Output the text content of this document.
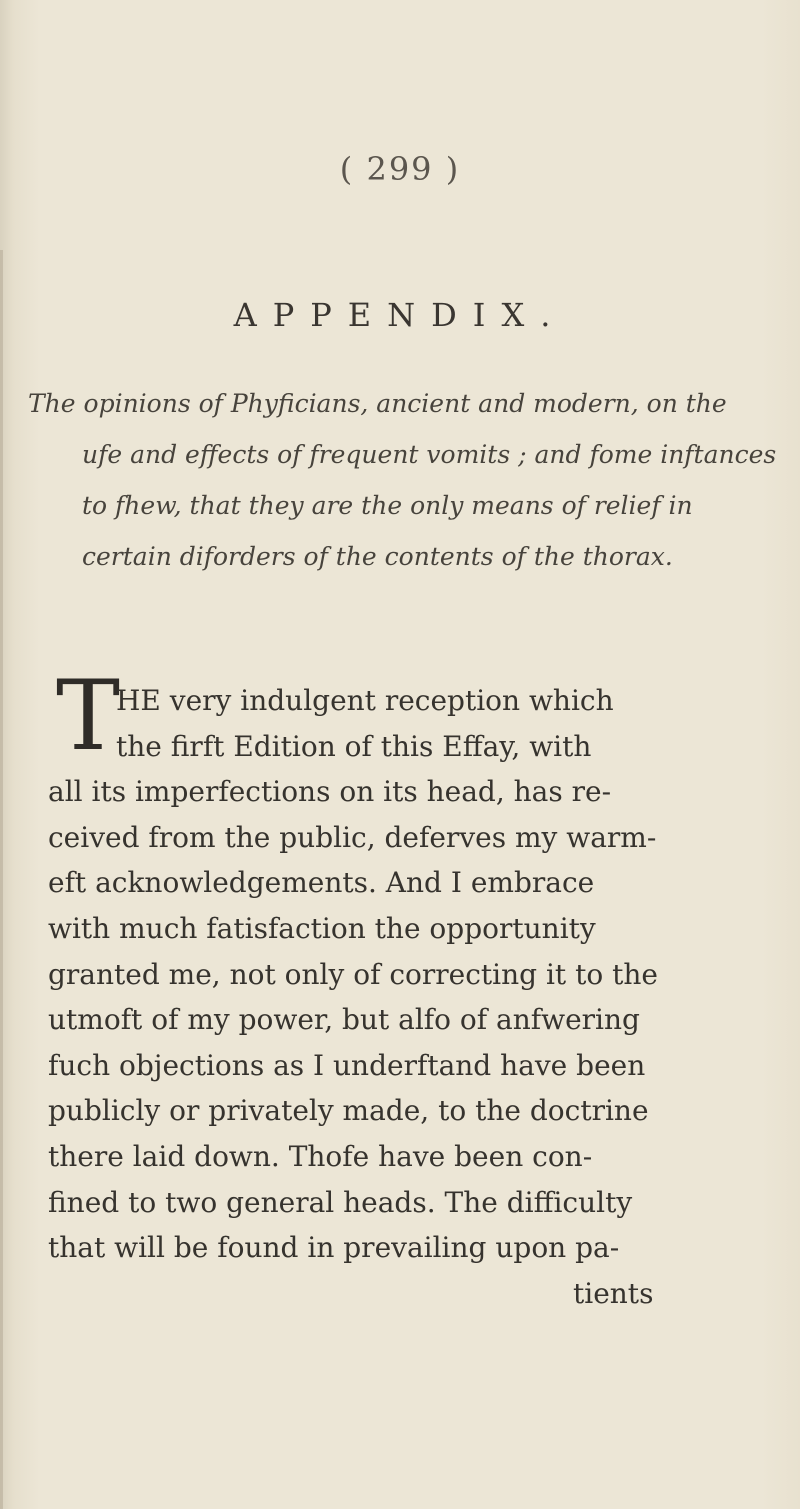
( 299 )
APPENDIX.
The opinions of Phyficians, ancient and modern, on the
ufe and effects of frequent vomits ; and fome inftances
to fhew, that they are the only means of relief in
certain diforders of the contents of the thorax.
T
HE very indulgent reception which
the firft Edition of this Effay, with
all its imperfections on its head, has re-
ceived from the public, deferves my warm-
eft acknowledgements. And I embrace
with much fatisfaction the opportunity
granted me, not only of correcting it to the
utmoft of my power, but alfo of anfwering
fuch objections as I underftand have been
publicly or privately made, to the doctrine
there laid down. Thofe have been con-
fined to two general heads. The difficulty
that will be found in prevailing upon pa-
tients
